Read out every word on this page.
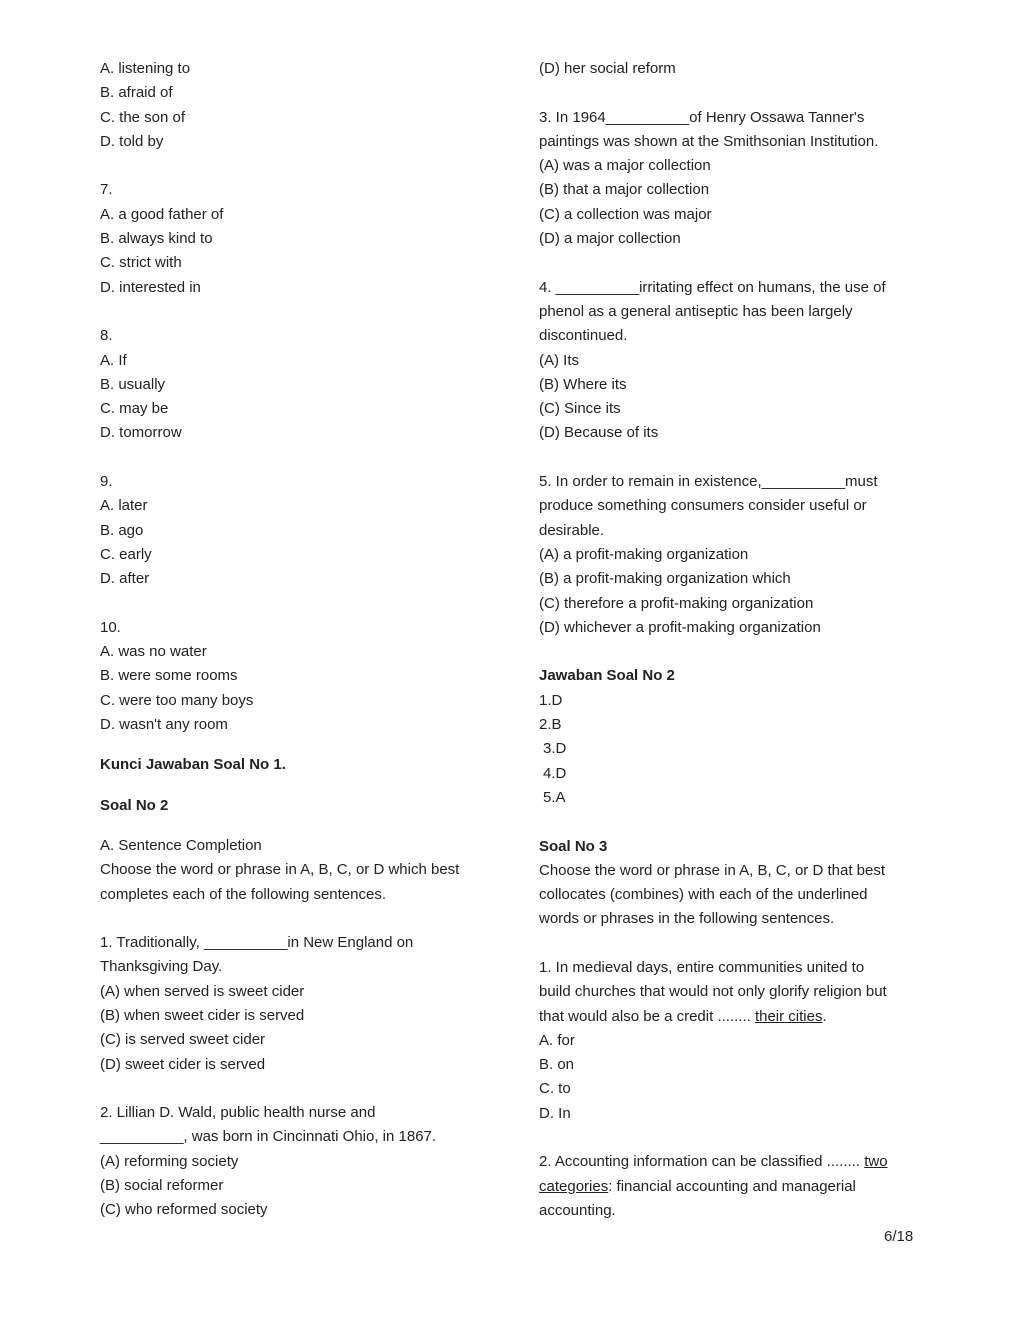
A. listening to
B. afraid of
C. the son of
D. told by
7.
A. a good father of
B. always kind to
C. strict with
D. interested in
8.
A. If
B. usually
C. may be
D. tomorrow
9.
A. later
B. ago
C. early
D. after
10.
A. was no water
B. were some rooms
C. were too many boys
D. wasn't any room
Kunci Jawaban Soal No 1.
Soal No 2
A. Sentence Completion
Choose the word or phrase in A, B, C, or D which best
completes each of the following sentences.
1. Traditionally, __________in New England on
Thanksgiving Day.
(A) when served is sweet cider
(B) when sweet cider is served
(C) is served sweet cider
(D) sweet cider is served
2. Lillian D. Wald, public health nurse and
__________, was born in Cincinnati Ohio, in 1867.
(A) reforming society
(B) social reformer
(C) who reformed society
(D) her social reform
3. In 1964__________of Henry Ossawa Tanner's
paintings was shown at the Smithsonian Institution.
(A) was a major collection
(B) that a major collection
(C) a collection was major
(D) a major collection
4. __________irritating effect on humans, the use of
phenol as a general antiseptic has been largely
discontinued.
(A) Its
(B) Where its
(C) Since its
(D) Because of its
5. In order to remain in existence,__________must
produce something consumers consider useful or
desirable.
(A) a profit-making organization
(B) a profit-making organization which
(C) therefore a profit-making organization
(D) whichever a profit-making organization
Jawaban Soal No 2
1.D
2.B
3.D
4.D
5.A
Soal No 3
Choose the word or phrase in A, B, C, or D that best
collocates (combines) with each of the underlined
words or phrases in the following sentences.
1. In medieval days, entire communities united to
build churches that would not only glorify religion but
that would also be a credit ........ their cities.
A. for
B. on
C. to
D. In
2. Accounting information can be classified ........ two
categories: financial accounting and managerial
accounting.
6/18
